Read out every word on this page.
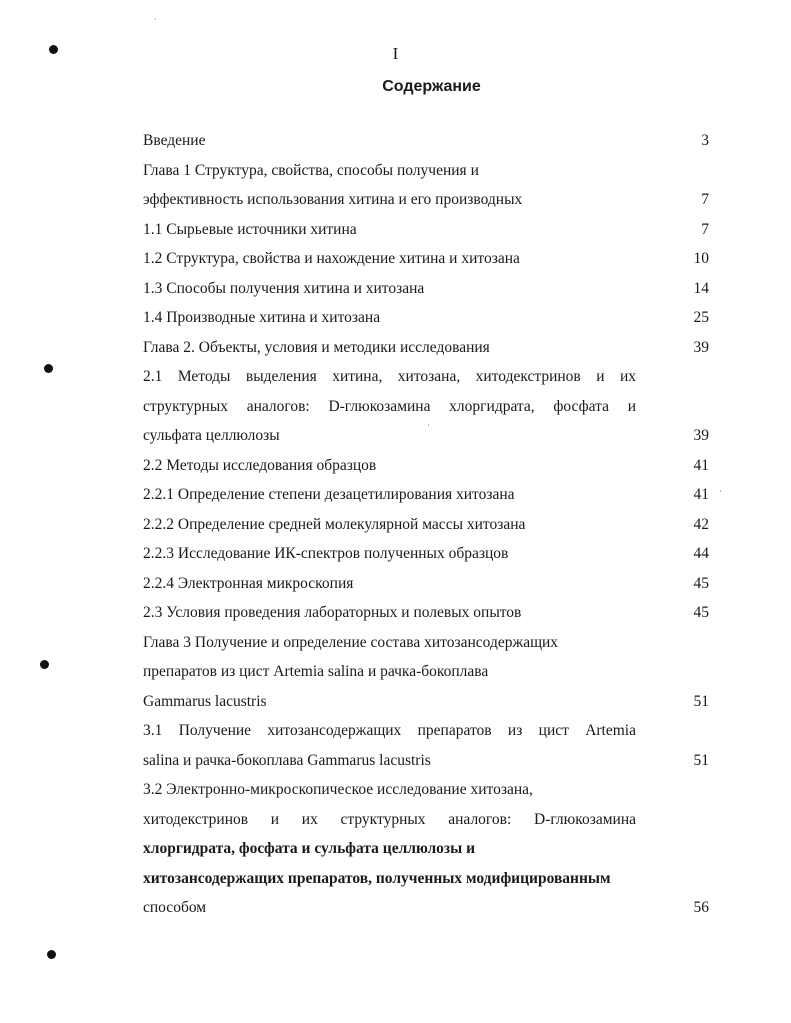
I
Содержание
Введение	3
Глава 1 Структура, свойства, способы получения и
эффективность использования хитина и его производных	7
1.1 Сырьевые источники хитина	7
1.2 Структура, свойства и нахождение хитина и хитозана	10
1.3 Способы получения хитина и хитозана	14
1.4 Производные хитина и хитозана	25
Глава 2. Объекты, условия и методики исследования	39
2.1 Методы выделения хитина, хитозана, хитодекстринов и их
структурных аналогов: D-глюкозамина хлоргидрата, фосфата и
сульфата целлюлозы	39
2.2 Методы исследования образцов	41
2.2.1 Определение степени дезацетилирования хитозана	41
2.2.2 Определение средней молекулярной массы хитозана	42
2.2.3 Исследование ИК-спектров полученных образцов	44
2.2.4 Электронная микроскопия	45
2.3 Условия проведения лабораторных и полевых опытов	45
Глава 3 Получение и определение состава хитозансодержащих
препаратов из цист Artemia salina и рачка-бокоплава
Gammarus lacustris	51
3.1 Получение хитозансодержащих препаратов из цист Artemia
salina и рачка-бокоплава Gammarus lacustris	51
3.2 Электронно-микроскопическое исследование хитозана,
хитодекстринов и их структурных аналогов: D-глюкозамина
хлоргидрата, фосфата и сульфата целлюлозы и
хитозансодержащих препаратов, полученных модифицированным
способом	56
